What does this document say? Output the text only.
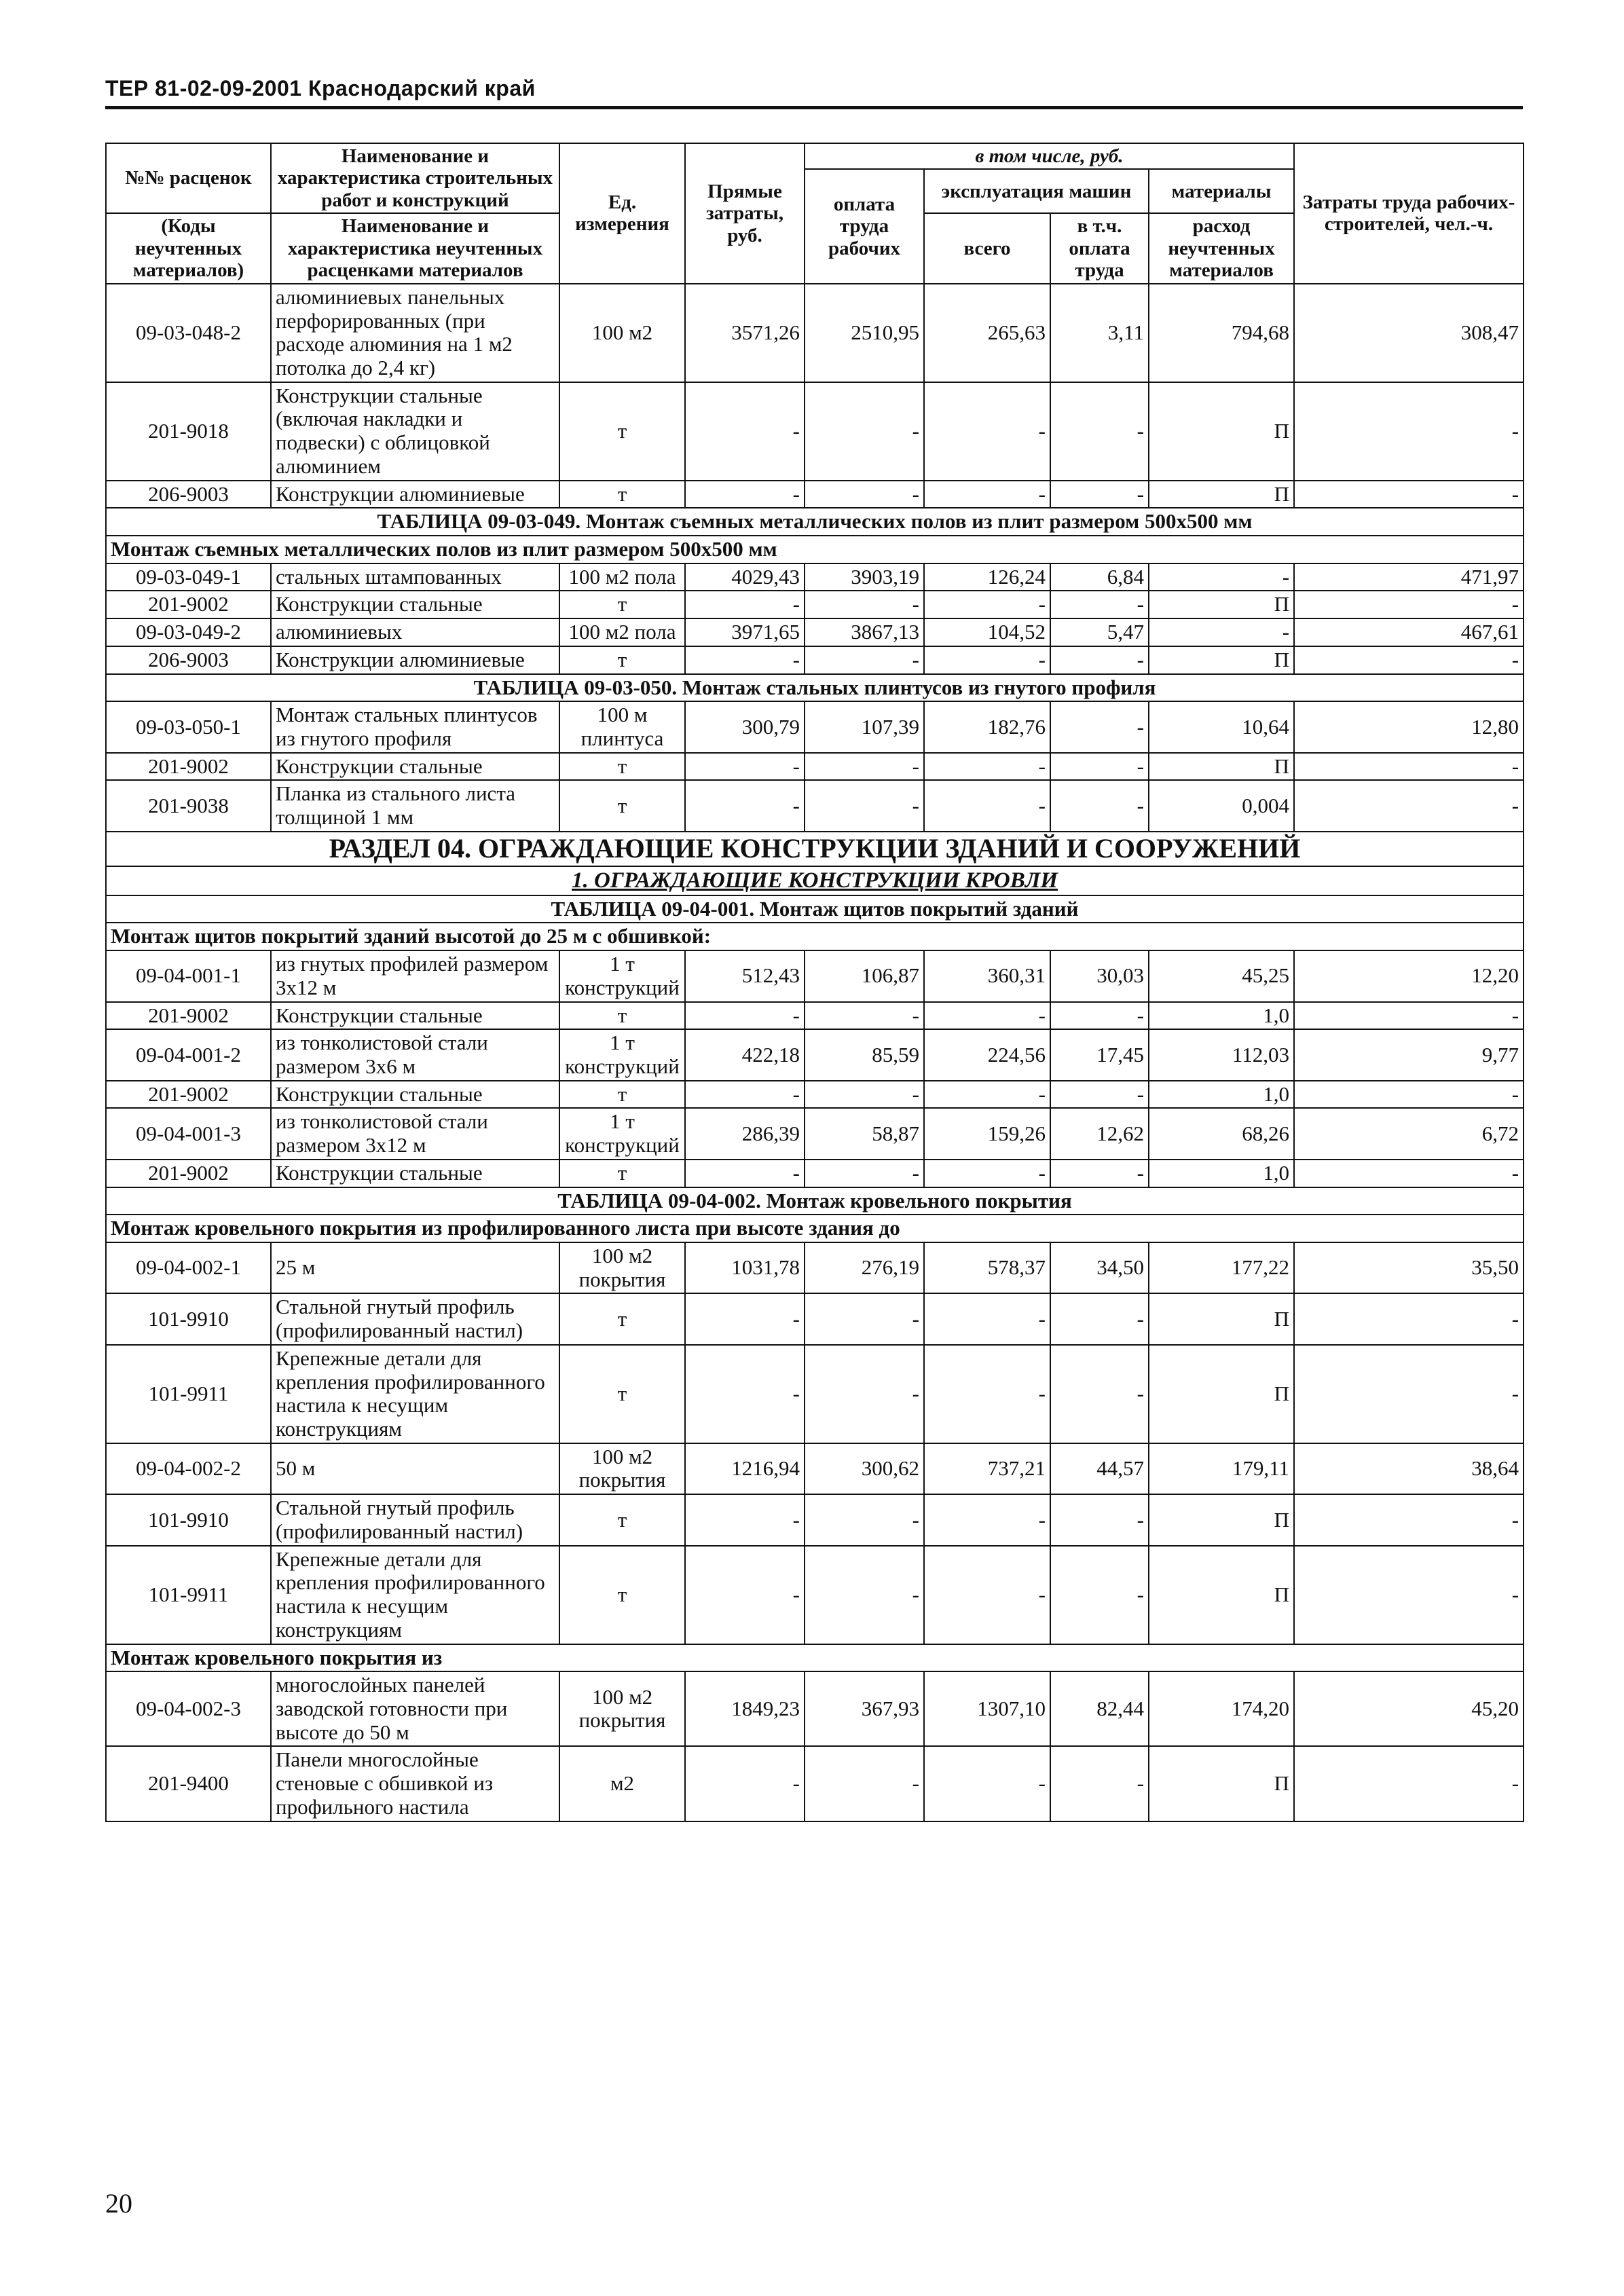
ТЕР 81-02-09-2001 Краснодарский край
№№ расценок	Наименование и характеристика строительных работ и конструкций	Ед. измерения	Прямые затраты, руб.	в том числе, руб.				Затраты труда рабочих-строителей, чел.-ч.
				оплата труда рабочих	эксплуатация машин		материалы	
(Коды неучтенных материалов)	Наименование и характеристика неучтенных расценками материалов				всего	в т.ч. оплата труда	расход неучтенных материалов	
09-03-048-2	алюминиевых панельных перфорированных (при расходе алюминия на 1 м2 потолка до 2,4 кг)	100 м2	3571,26	2510,95	265,63	3,11	794,68	308,47
201-9018	Конструкции стальные (включая накладки и подвески) с облицовкой алюминием	т	-	-	-	-	П	-
206-9003	Конструкции алюминиевые	т	-	-	-	-	П	-
ТАБЛИЦА 09-03-049. Монтаж съемных металлических полов из плит размером 500х500 мм								
Монтаж съемных металлических полов из плит размером 500х500 мм								
09-03-049-1	стальных штампованных	100 м2 пола	4029,43	3903,19	126,24	6,84	-	471,97
201-9002	Конструкции стальные	т	-	-	-	-	П	-
09-03-049-2	алюминиевых	100 м2 пола	3971,65	3867,13	104,52	5,47	-	467,61
206-9003	Конструкции алюминиевые	т	-	-	-	-	П	-
ТАБЛИЦА 09-03-050. Монтаж стальных плинтусов из гнутого профиля								
09-03-050-1	Монтаж стальных плинтусов из гнутого профиля	100 м плинтуса	300,79	107,39	182,76	-	10,64	12,80
201-9002	Конструкции стальные	т	-	-	-	-	П	-
201-9038	Планка из стального листа толщиной 1 мм	т	-	-	-	-	0,004	-
РАЗДЕЛ 04. ОГРАЖДАЮЩИЕ КОНСТРУКЦИИ ЗДАНИЙ И СООРУЖЕНИЙ								
1. ОГРАЖДАЮЩИЕ КОНСТРУКЦИИ КРОВЛИ								
ТАБЛИЦА 09-04-001. Монтаж щитов покрытий зданий								
Монтаж щитов покрытий зданий высотой до 25 м с обшивкой:								
09-04-001-1	из гнутых профилей размером 3х12 м	1 т конструкций	512,43	106,87	360,31	30,03	45,25	12,20
201-9002	Конструкции стальные	т	-	-	-	-	1,0	-
09-04-001-2	из тонколистовой стали размером 3х6 м	1 т конструкций	422,18	85,59	224,56	17,45	112,03	9,77
201-9002	Конструкции стальные	т	-	-	-	-	1,0	-
09-04-001-3	из тонколистовой стали размером 3х12 м	1 т конструкций	286,39	58,87	159,26	12,62	68,26	6,72
201-9002	Конструкции стальные	т	-	-	-	-	1,0	-
ТАБЛИЦА 09-04-002. Монтаж кровельного покрытия								
Монтаж кровельного покрытия из профилированного листа при высоте здания до								
09-04-002-1	25 м	100 м2 покрытия	1031,78	276,19	578,37	34,50	177,22	35,50
101-9910	Стальной гнутый профиль (профилированный настил)	т	-	-	-	-	П	-
101-9911	Крепежные детали для крепления профилированного настила к несущим конструкциям	т	-	-	-	-	П	-
09-04-002-2	50 м	100 м2 покрытия	1216,94	300,62	737,21	44,57	179,11	38,64
101-9910	Стальной гнутый профиль (профилированный настил)	т	-	-	-	-	П	-
101-9911	Крепежные детали для крепления профилированного настила к несущим конструкциям	т	-	-	-	-	П	-
Монтаж кровельного покрытия из								
09-04-002-3	многослойных панелей заводской готовности при высоте до 50 м	100 м2 покрытия	1849,23	367,93	1307,10	82,44	174,20	45,20
201-9400	Панели многослойные стеновые с обшивкой из профильного настила	м2	-	-	-	-	П	-
20
